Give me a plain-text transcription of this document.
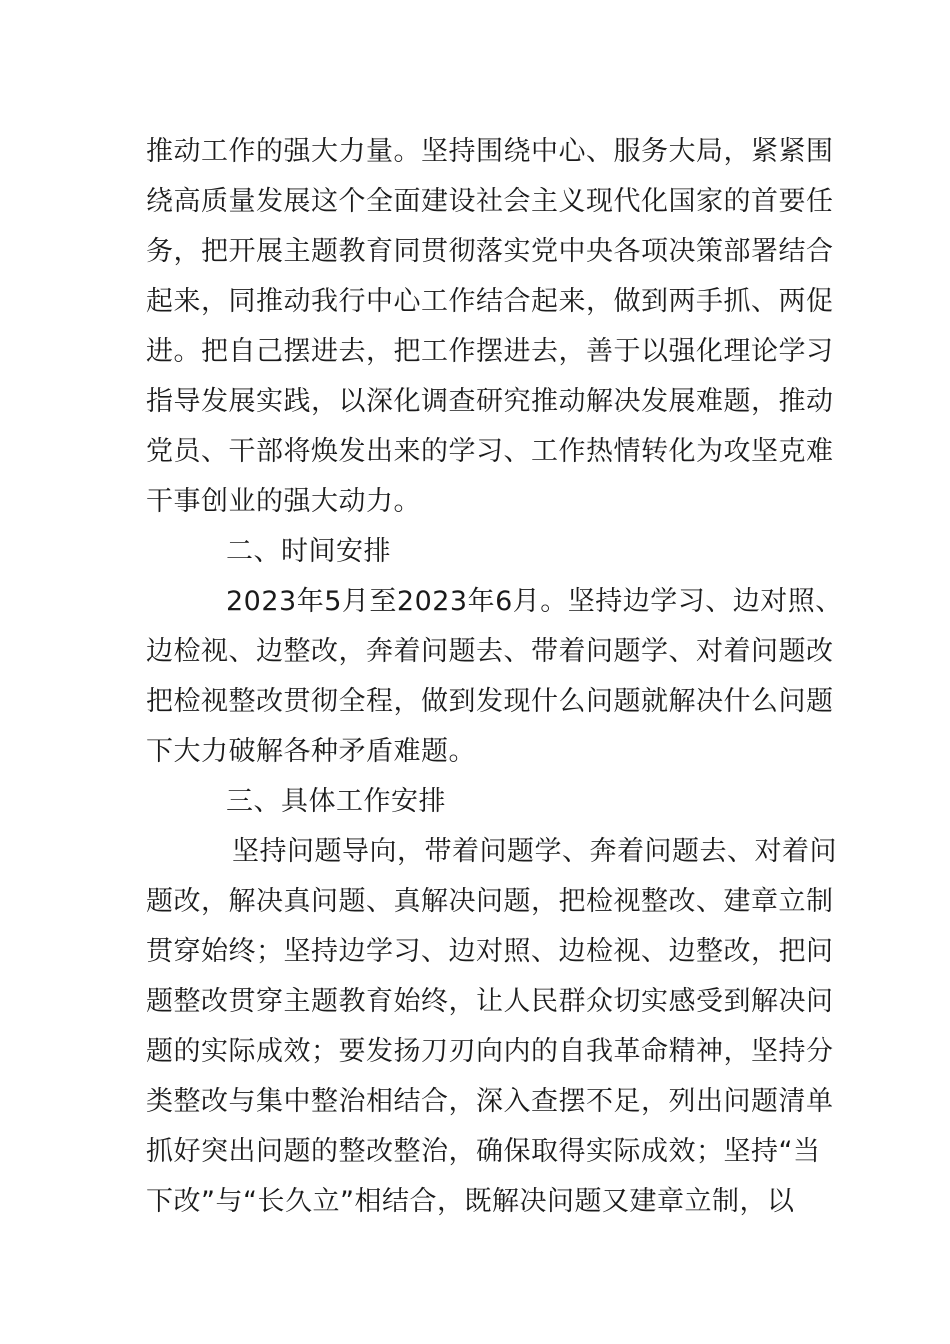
推动工作的强大力量。坚持围绕中心、服务大局，紧紧围
绕高质量发展这个全面建设社会主义现代化国家的首要任
务，把开展主题教育同贯彻落实党中央各项决策部署结合
起来，同推动我行中心工作结合起来，做到两手抓、两促
进。把自己摆进去，把工作摆进去，善于以强化理论学习
指导发展实践，以深化调查研究推动解决发展难题，推动
党员、干部将焕发出来的学习、工作热情转化为攻坚克难
干事创业的强大动力。
二、时间安排
2023年5月至2023年6月。坚持边学习、边对照、
边检视、边整改，奔着问题去、带着问题学、对着问题改
把检视整改贯彻全程，做到发现什么问题就解决什么问题
下大力破解各种矛盾难题。
三、具体工作安排
坚持问题导向，带着问题学、奔着问题去、对着问
题改，解决真问题、真解决问题，把检视整改、建章立制
贯穿始终；坚持边学习、边对照、边检视、边整改，把问
题整改贯穿主题教育始终，让人民群众切实感受到解决问
题的实际成效；要发扬刀刃向内的自我革命精神，坚持分
类整改与集中整治相结合，深入查摆不足，列出问题清单
抓好突出问题的整改整治，确保取得实际成效；坚持“当
下改”与“长久立”相结合，既解决问题又建章立制，以
